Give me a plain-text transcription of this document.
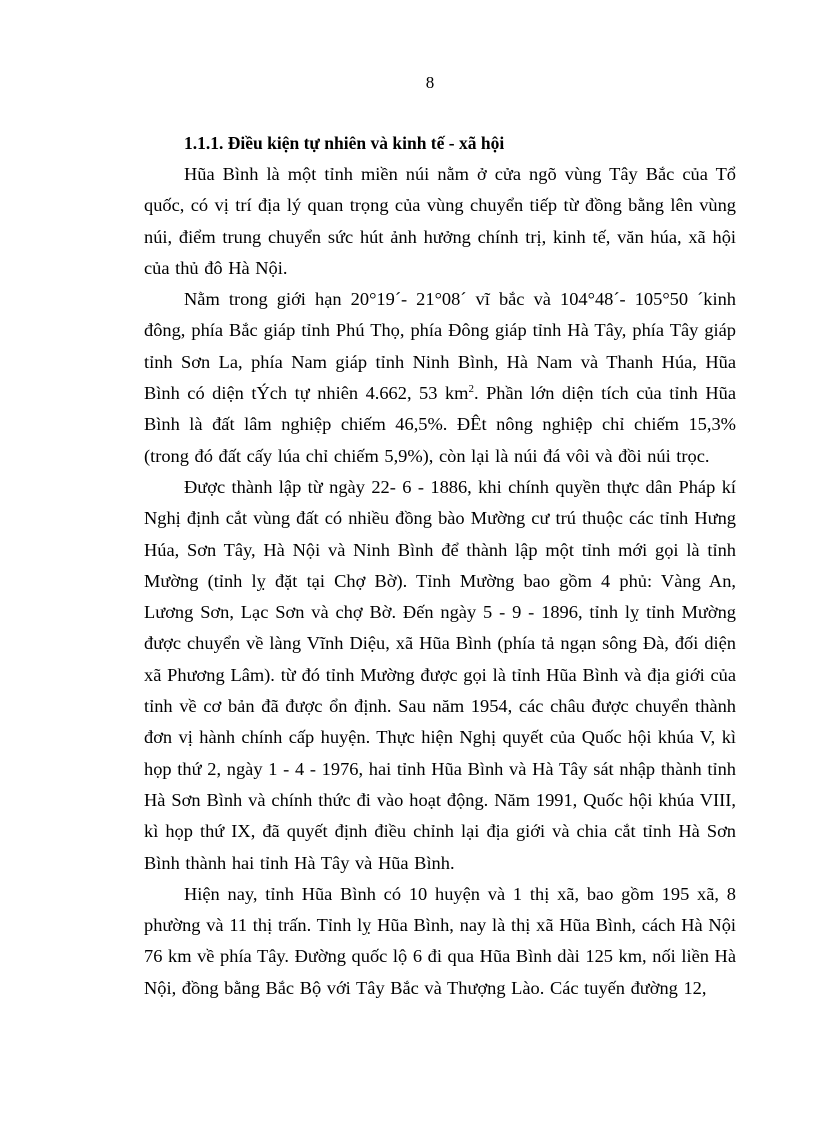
8

1.1.1. Điều kiện tự nhiên và kinh tế - xã hội

Hũa Bình là một tỉnh miền núi nằm ở cửa ngõ vùng Tây Bắc của Tổ quốc, có vị trí địa lý quan trọng của vùng chuyển tiếp từ đồng bằng lên vùng núi, điểm trung chuyển sức hút ảnh hưởng chính trị, kinh tế, văn húa, xã hội của thủ đô Hà Nội.

Nằm trong giới hạn 20°19´- 21°08´ vĩ bắc và 104°48´- 105°50 ´kinh đông, phía Bắc giáp tỉnh Phú Thọ, phía Đông giáp tỉnh Hà Tây, phía Tây giáp tỉnh Sơn La, phía Nam giáp tỉnh Ninh Bình, Hà Nam và Thanh Húa, Hũa Bình có diện tÝch tự nhiên 4.662, 53 $km^2$. Phần lớn diện tích của tỉnh Hũa Bình là đất lâm nghiệp chiếm 46,5%. ĐÊt nông nghiệp chỉ chiếm 15,3% (trong đó đất cấy lúa chỉ chiếm 5,9%), còn lại là núi đá vôi và đồi núi trọc.

Được thành lập từ ngày 22- 6 - 1886, khi chính quyền thực dân Pháp kí Nghị định cắt vùng đất có nhiều đồng bào Mường cư trú thuộc các tỉnh Hưng Húa, Sơn Tây, Hà Nội và Ninh Bình để thành lập một tỉnh mới gọi là tỉnh Mường (tỉnh lỵ đặt tại Chợ Bờ). Tỉnh Mường bao gồm 4 phủ: Vàng An, Lương Sơn, Lạc Sơn và chợ Bờ. Đến ngày 5 - 9 - 1896, tỉnh lỵ tỉnh Mường được chuyển về làng Vĩnh Diệu, xã Hũa Bình (phía tả ngạn sông Đà, đối diện xã Phương Lâm). từ đó tỉnh Mường được gọi là tỉnh Hũa Bình và địa giới của tỉnh về cơ bản đã được ổn định. Sau năm 1954, các châu được chuyển thành đơn vị hành chính cấp huyện. Thực hiện Nghị quyết của Quốc hội khúa V, kì họp thứ 2, ngày 1 - 4 - 1976, hai tỉnh Hũa Bình và Hà Tây sát nhập thành tỉnh Hà Sơn Bình và chính thức đi vào hoạt động. Năm 1991, Quốc hội khúa VIII, kì họp thứ IX, đã quyết định điều chỉnh lại địa giới và chia cắt tỉnh Hà Sơn Bình thành hai tỉnh Hà Tây và Hũa Bình.

Hiện nay, tỉnh Hũa Bình có 10 huyện và 1 thị xã, bao gồm 195 xã, 8 phường và 11 thị trấn. Tỉnh lỵ Hũa Bình, nay là thị xã Hũa Bình, cách Hà Nội 76 km về phía Tây. Đường quốc lộ 6 đi qua Hũa Bình dài 125 km, nối liền Hà Nội, đồng bằng Bắc Bộ với Tây Bắc và Thượng Lào. Các tuyến đường 12,
